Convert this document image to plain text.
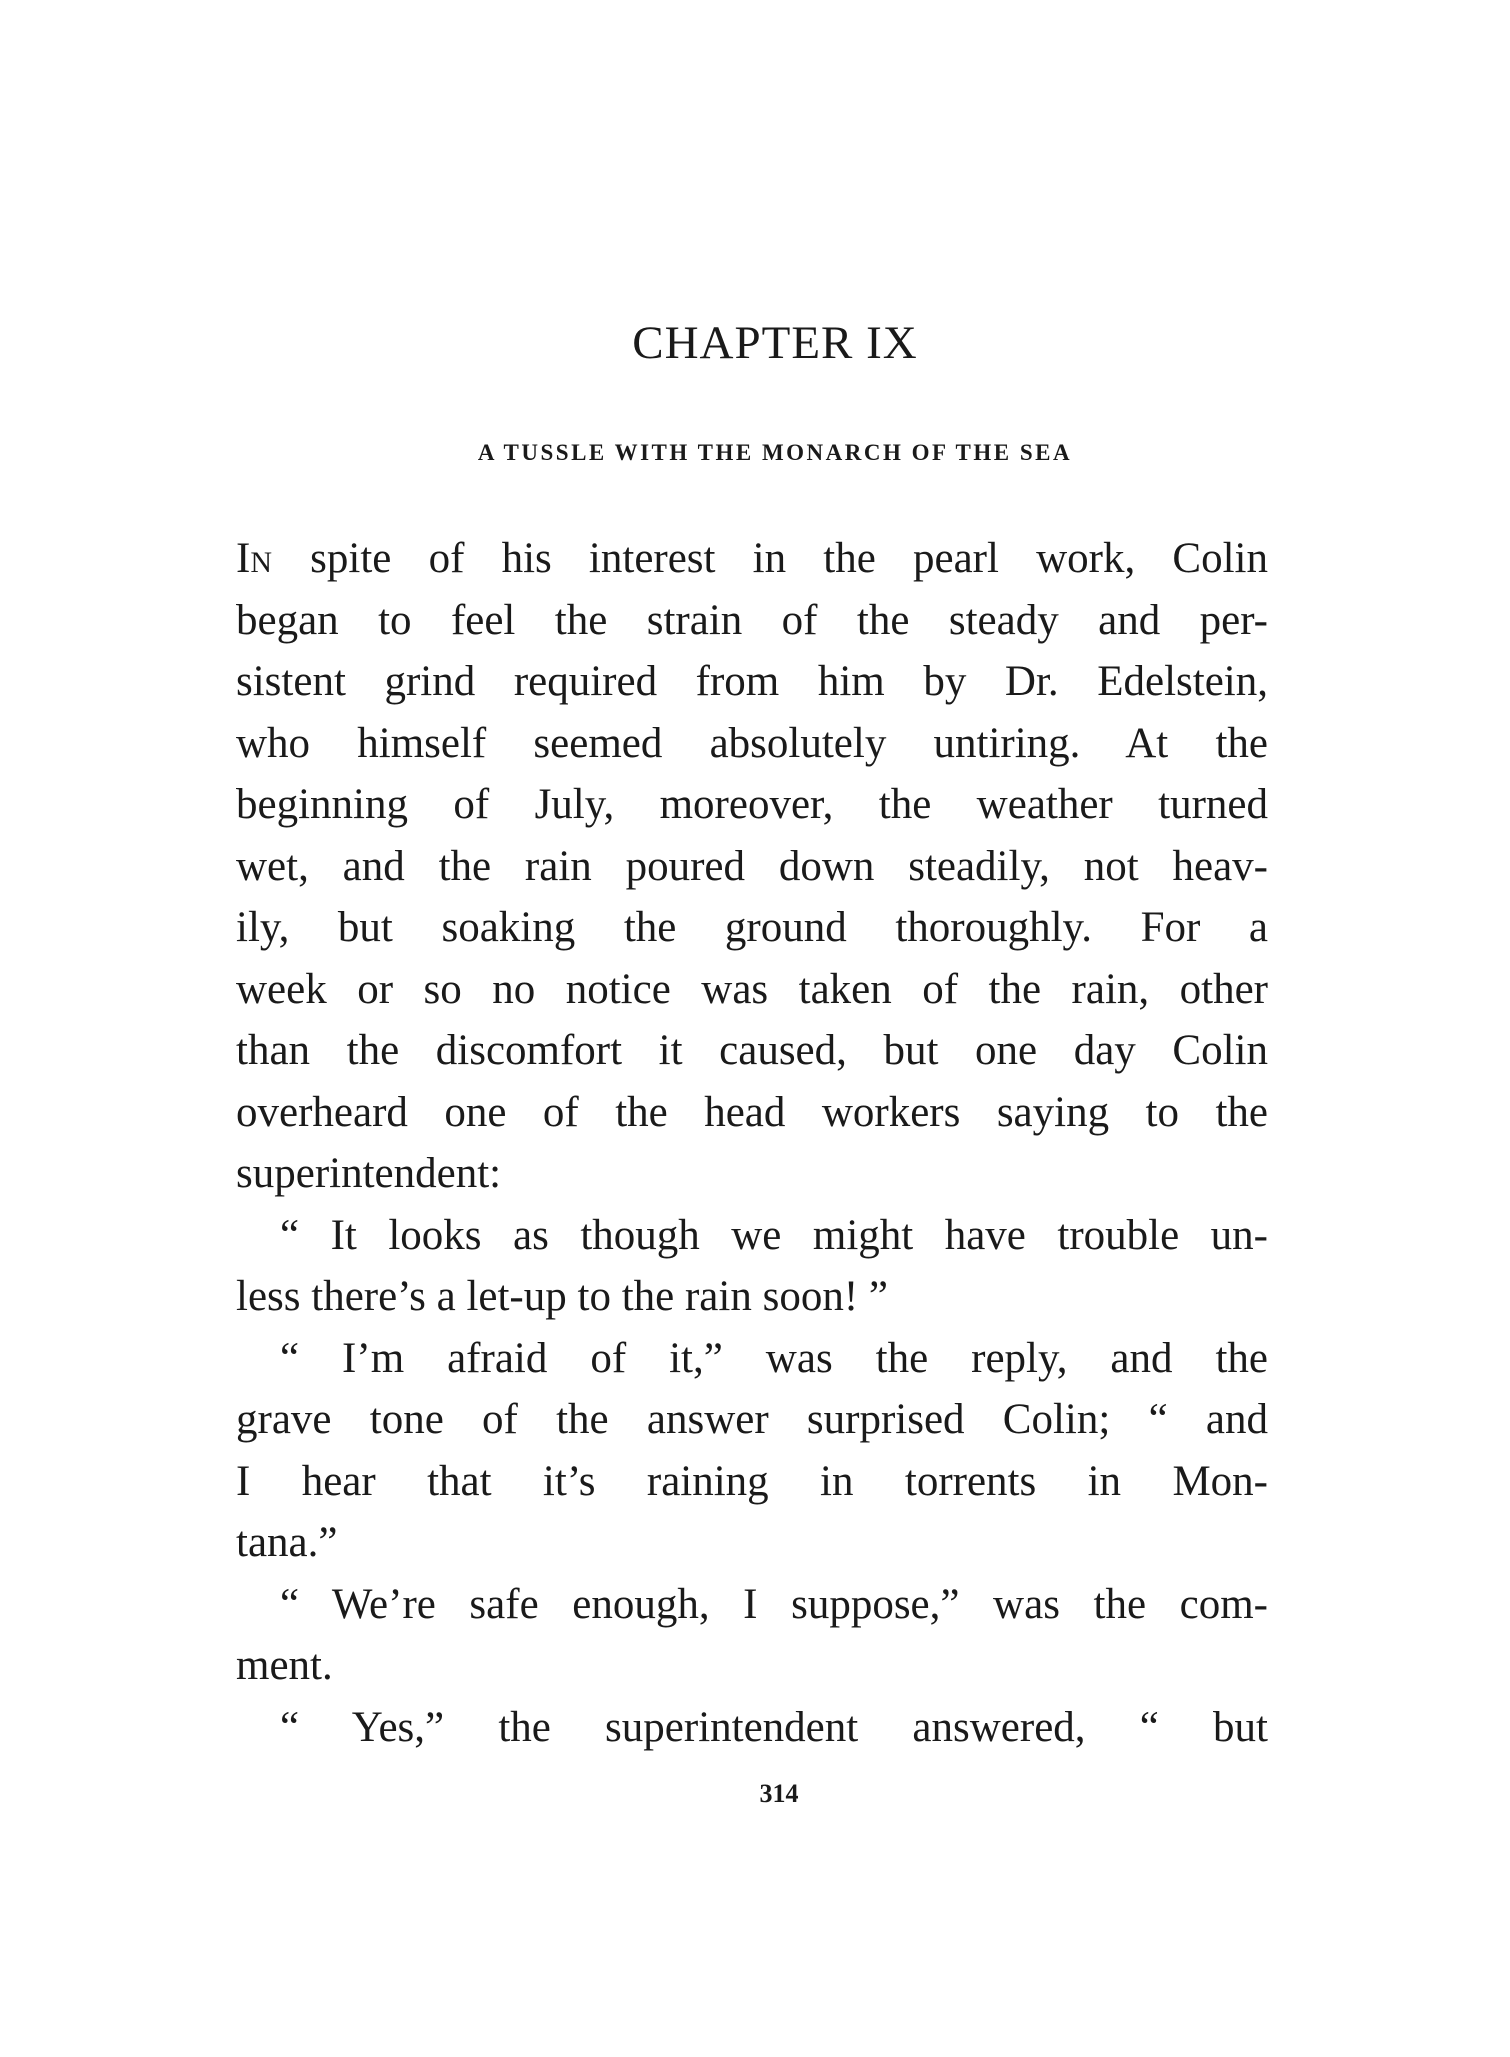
CHAPTER IX
A TUSSLE WITH THE MONARCH OF THE SEA
IN spite of his interest in the pearl work, Colin
began to feel the strain of the steady and per-
sistent grind required from him by Dr. Edelstein,
who himself seemed absolutely untiring. At the
beginning of July, moreover, the weather turned
wet, and the rain poured down steadily, not heav-
ily, but soaking the ground thoroughly. For a
week or so no notice was taken of the rain, other
than the discomfort it caused, but one day Colin
overheard one of the head workers saying to the
superintendent:
“ It looks as though we might have trouble un-
less there’s a let-up to the rain soon! ”
“ I’m afraid of it,” was the reply, and the
grave tone of the answer surprised Colin; “ and
I hear that it’s raining in torrents in Mon-
tana.”
“ We’re safe enough, I suppose,” was the com-
ment.
“ Yes,” the superintendent answered, “ but
314
